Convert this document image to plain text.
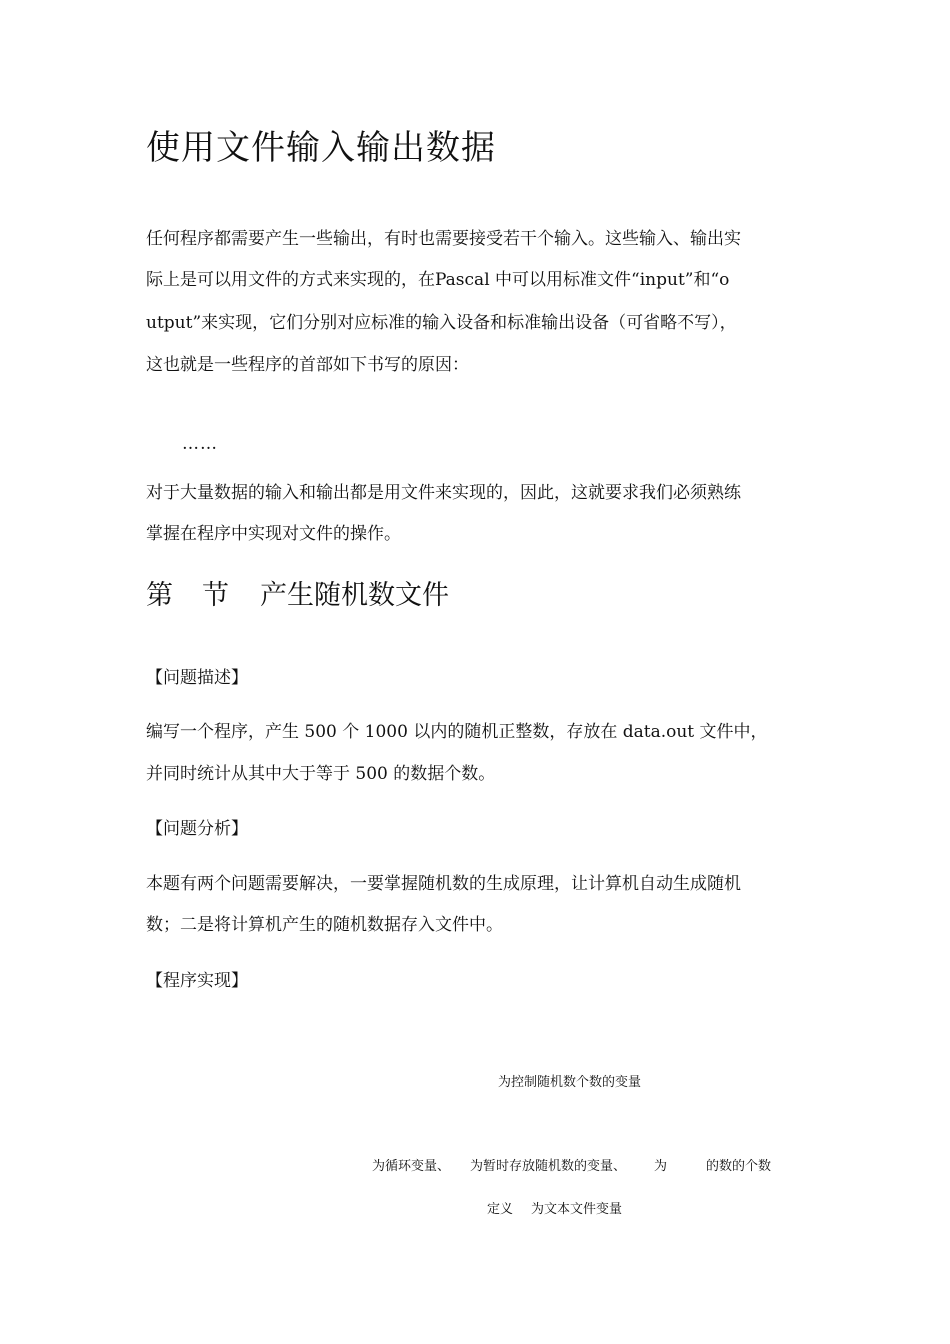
使用文件输入输出数据
任何程序都需要产生一些输出，有时也需要接受若干个输入。这些输入、输出实
际上是可以用文件的方式来实现的，在Pascal 中可以用标准文件“input”和“o
utput”来实现，它们分别对应标准的输入设备和标准输出设备（可省略不写），
这也就是一些程序的首部如下书写的原因：
……
对于大量数据的输入和输出都是用文件来实现的，因此，这就要求我们必须熟练
掌握在程序中实现对文件的操作。
第 节 产生随机数文件
【问题描述】
编写一个程序，产生 500 个 1000 以内的随机正整数，存放在 data.out 文件中，
并同时统计从其中大于等于 500 的数据个数。
【问题分析】
本题有两个问题需要解决，一要掌握随机数的生成原理，让计算机自动生成随机
数；二是将计算机产生的随机数据存入文件中。
【程序实现】
为控制随机数个数的变量
为循环变量、 为暂时存放随机数的变量、 为	的数的个数
定义 为文本文件变量
